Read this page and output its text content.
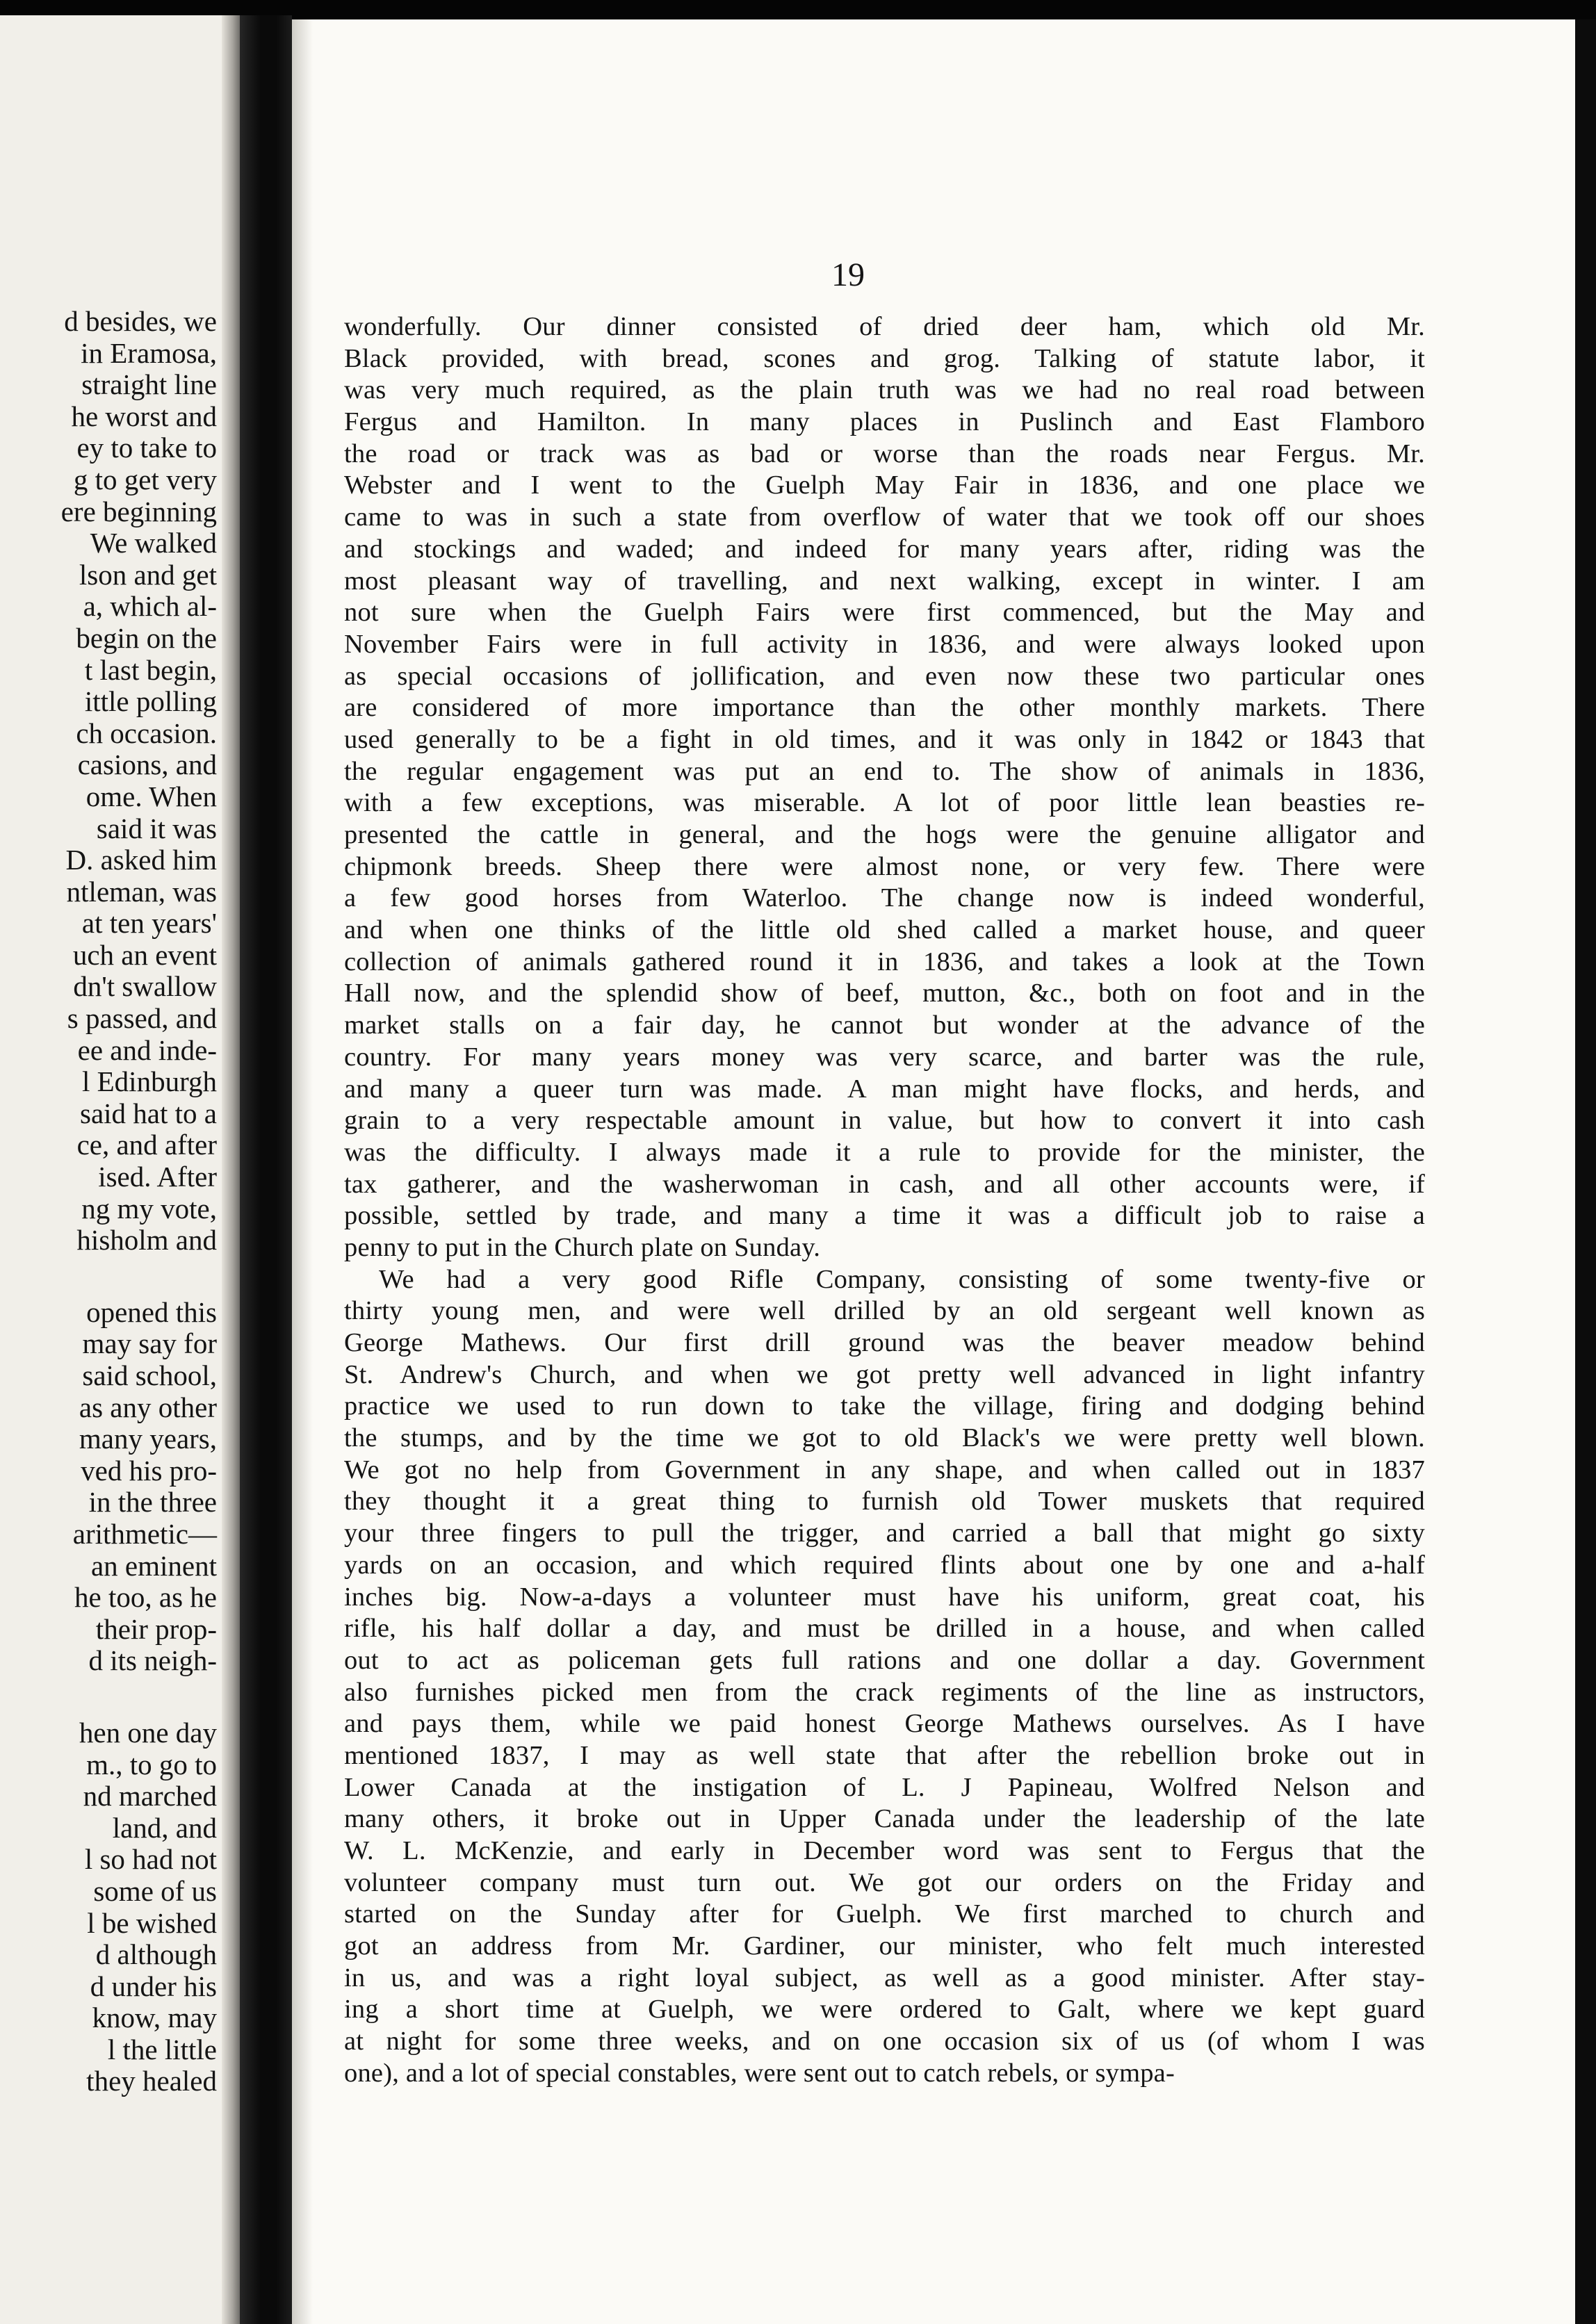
d besides, we
in Eramosa,
straight line
he worst and
ey to take to
g to get very
ere beginning
We walked
lson and get
a, which al-
begin on the
t last begin,
ittle polling
ch occasion.
casions, and
ome. When
said it was
D. asked him
ntleman, was
at ten years'
uch an event
dn't swallow
s passed, and
ee and inde-
l Edinburgh
said hat to a
ce, and after
ised. After
ng my vote,
hisholm and
opened this
may say for
said school,
as any other
many years,
ved his pro-
in the three
arithmetic—
an eminent
he too, as he
their prop-
d its neigh-
hen one day
m., to go to
nd marched
land, and
l so had not
some of us
l be wished
d although
d under his
know, may
l the little
they healed
19
wonderfully. Our dinner consisted of dried deer ham, which old Mr.
Black provided, with bread, scones and grog. Talking of statute labor, it
was very much required, as the plain truth was we had no real road between
Fergus and Hamilton. In many places in Puslinch and East Flamboro
the road or track was as bad or worse than the roads near Fergus. Mr.
Webster and I went to the Guelph May Fair in 1836, and one place we
came to was in such a state from overflow of water that we took off our shoes
and stockings and waded; and indeed for many years after, riding was the
most pleasant way of travelling, and next walking, except in winter. I am
not sure when the Guelph Fairs were first commenced, but the May and
November Fairs were in full activity in 1836, and were always looked upon
as special occasions of jollification, and even now these two particular ones
are considered of more importance than the other monthly markets. There
used generally to be a fight in old times, and it was only in 1842 or 1843 that
the regular engagement was put an end to. The show of animals in 1836,
with a few exceptions, was miserable. A lot of poor little lean beasties re-
presented the cattle in general, and the hogs were the genuine alligator and
chipmonk breeds. Sheep there were almost none, or very few. There were
a few good horses from Waterloo. The change now is indeed wonderful,
and when one thinks of the little old shed called a market house, and queer
collection of animals gathered round it in 1836, and takes a look at the Town
Hall now, and the splendid show of beef, mutton, &c., both on foot and in the
market stalls on a fair day, he cannot but wonder at the advance of the
country. For many years money was very scarce, and barter was the rule,
and many a queer turn was made. A man might have flocks, and herds, and
grain to a very respectable amount in value, but how to convert it into cash
was the difficulty. I always made it a rule to provide for the minister, the
tax gatherer, and the washerwoman in cash, and all other accounts were, if
possible, settled by trade, and many a time it was a difficult job to raise a
penny to put in the Church plate on Sunday.
We had a very good Rifle Company, consisting of some twenty-five or
thirty young men, and were well drilled by an old sergeant well known as
George Mathews. Our first drill ground was the beaver meadow behind
St. Andrew's Church, and when we got pretty well advanced in light infantry
practice we used to run down to take the village, firing and dodging behind
the stumps, and by the time we got to old Black's we were pretty well blown.
We got no help from Government in any shape, and when called out in 1837
they thought it a great thing to furnish old Tower muskets that required
your three fingers to pull the trigger, and carried a ball that might go sixty
yards on an occasion, and which required flints about one by one and a-half
inches big. Now-a-days a volunteer must have his uniform, great coat, his
rifle, his half dollar a day, and must be drilled in a house, and when called
out to act as policeman gets full rations and one dollar a day. Government
also furnishes picked men from the crack regiments of the line as instructors,
and pays them, while we paid honest George Mathews ourselves. As I have
mentioned 1837, I may as well state that after the rebellion broke out in
Lower Canada at the instigation of L. J Papineau, Wolfred Nelson and
many others, it broke out in Upper Canada under the leadership of the late
W. L. McKenzie, and early in December word was sent to Fergus that the
volunteer company must turn out. We got our orders on the Friday and
started on the Sunday after for Guelph. We first marched to church and
got an address from Mr. Gardiner, our minister, who felt much interested
in us, and was a right loyal subject, as well as a good minister. After stay-
ing a short time at Guelph, we were ordered to Galt, where we kept guard
at night for some three weeks, and on one occasion six of us (of whom I was
one), and a lot of special constables, were sent out to catch rebels, or sympa-
